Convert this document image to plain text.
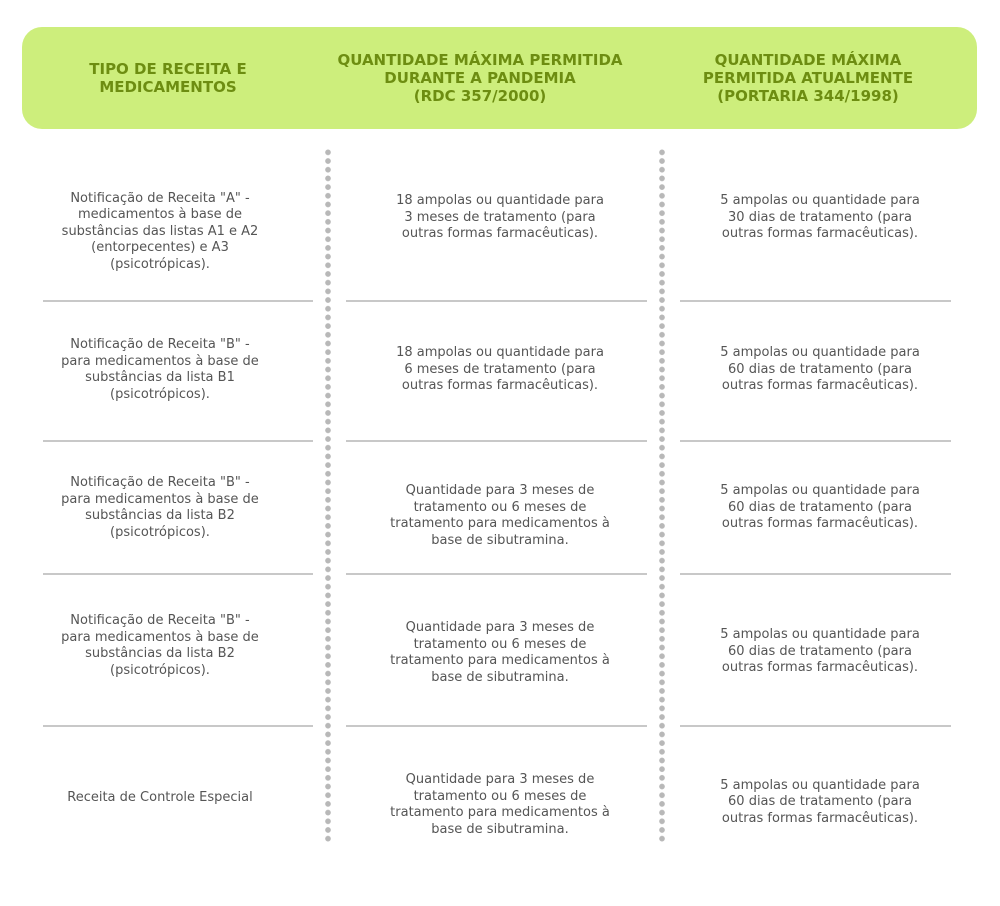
TIPO DE RECEITA E
MEDICAMENTOS
QUANTIDADE MÁXIMA PERMITIDA
DURANTE A PANDEMIA
(RDC 357/2000)
QUANTIDADE MÁXIMA
PERMITIDA ATUALMENTE
(PORTARIA 344/1998)
Notificação de Receita "A" -
medicamentos à base de
substâncias das listas A1 e A2
(entorpecentes) e A3
(psicotrópicas).
18 ampolas ou quantidade para
3 meses de tratamento (para
outras formas farmacêuticas).
5 ampolas ou quantidade para
30 dias de tratamento (para
outras formas farmacêuticas).
Notificação de Receita "B" -
para medicamentos à base de
substâncias da lista B1
(psicotrópicos).
18 ampolas ou quantidade para
6 meses de tratamento (para
outras formas farmacêuticas).
5 ampolas ou quantidade para
60 dias de tratamento (para
outras formas farmacêuticas).
Notificação de Receita "B" -
para medicamentos à base de
substâncias da lista B2
(psicotrópicos).
Quantidade para 3 meses de
tratamento ou 6 meses de
tratamento para medicamentos à
base de sibutramina.
5 ampolas ou quantidade para
60 dias de tratamento (para
outras formas farmacêuticas).
Notificação de Receita "B" -
para medicamentos à base de
substâncias da lista B2
(psicotrópicos).
Quantidade para 3 meses de
tratamento ou 6 meses de
tratamento para medicamentos à
base de sibutramina.
5 ampolas ou quantidade para
60 dias de tratamento (para
outras formas farmacêuticas).
Receita de Controle Especial
Quantidade para 3 meses de
tratamento ou 6 meses de
tratamento para medicamentos à
base de sibutramina.
5 ampolas ou quantidade para
60 dias de tratamento (para
outras formas farmacêuticas).
